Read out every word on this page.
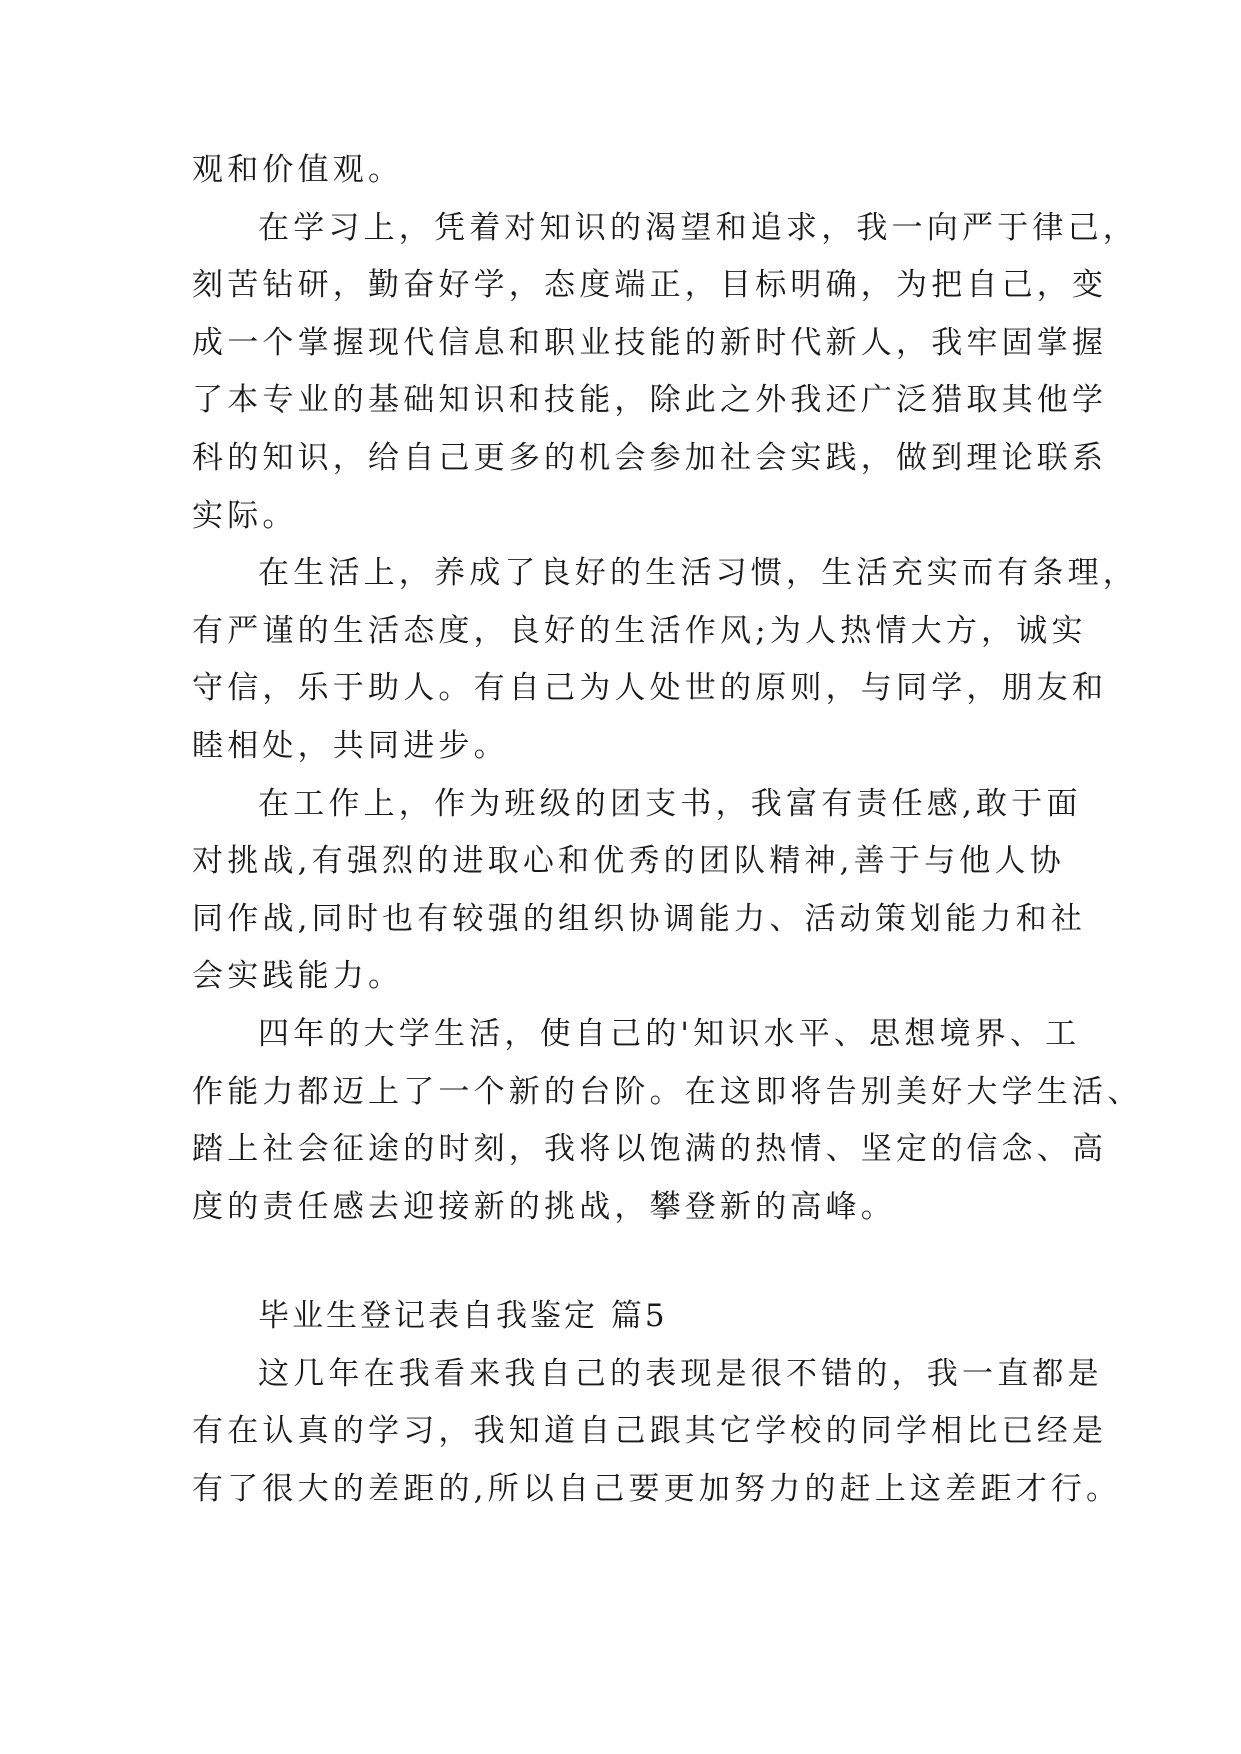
观和价值观。
在学习上，凭着对知识的渴望和追求，我一向严于律己，
刻苦钻研，勤奋好学，态度端正，目标明确，为把自己，变
成一个掌握现代信息和职业技能的新时代新人，我牢固掌握
了本专业的基础知识和技能，除此之外我还广泛猎取其他学
科的知识，给自己更多的机会参加社会实践，做到理论联系
实际。
在生活上，养成了良好的生活习惯，生活充实而有条理，
有严谨的生活态度，良好的生活作风;为人热情大方，诚实
守信，乐于助人。有自己为人处世的原则，与同学，朋友和
睦相处，共同进步。
在工作上，作为班级的团支书，我富有责任感,敢于面
对挑战,有强烈的进取心和优秀的团队精神,善于与他人协
同作战,同时也有较强的组织协调能力、活动策划能力和社
会实践能力。
四年的大学生活，使自己的'知识水平、思想境界、工
作能力都迈上了一个新的台阶。在这即将告别美好大学生活、
踏上社会征途的时刻，我将以饱满的热情、坚定的信念、高
度的责任感去迎接新的挑战，攀登新的高峰。
毕业生登记表自我鉴定 篇5
这几年在我看来我自己的表现是很不错的，我一直都是
有在认真的学习，我知道自己跟其它学校的同学相比已经是
有了很大的差距的,所以自己要更加努力的赶上这差距才行。
